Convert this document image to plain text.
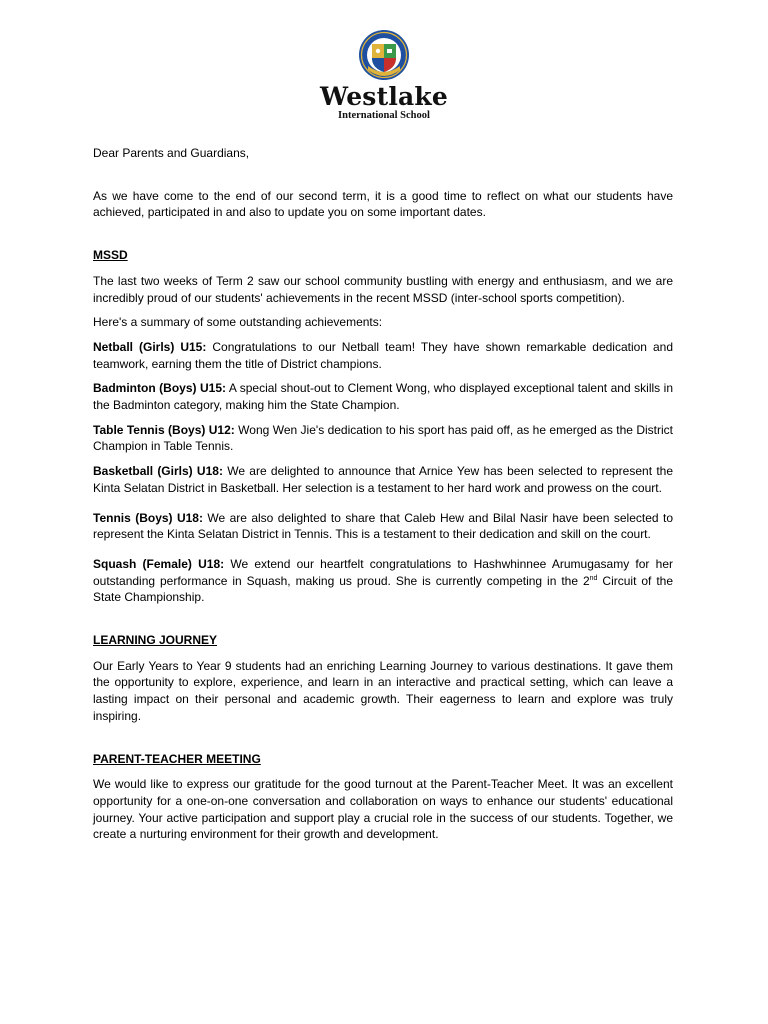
Westlake
International School

Dear Parents and Guardians,

As we have come to the end of our second term, it is a good time to reflect on what our students have achieved, participated in and also to update you on some important dates.

MSSD

The last two weeks of Term 2 saw our school community bustling with energy and enthusiasm, and we are incredibly proud of our students' achievements in the recent MSSD (inter-school sports competition).

Here's a summary of some outstanding achievements:

Netball (Girls) U15: Congratulations to our Netball team! They have shown remarkable dedication and teamwork, earning them the title of District champions.

Badminton (Boys) U15: A special shout-out to Clement Wong, who displayed exceptional talent and skills in the Badminton category, making him the State Champion.

Table Tennis (Boys) U12: Wong Wen Jie's dedication to his sport has paid off, as he emerged as the District Champion in Table Tennis.

Basketball (Girls) U18: We are delighted to announce that Arnice Yew has been selected to represent the Kinta Selatan District in Basketball. Her selection is a testament to her hard work and prowess on the court.

Tennis (Boys) U18: We are also delighted to share that Caleb Hew and Bilal Nasir have been selected to represent the Kinta Selatan District in Tennis. This is a testament to their dedication and skill on the court.

Squash (Female) U18: We extend our heartfelt congratulations to Hashwhinnee Arumugasamy for her outstanding performance in Squash, making us proud. She is currently competing in the 2nd Circuit of the State Championship.

LEARNING JOURNEY

Our Early Years to Year 9 students had an enriching Learning Journey to various destinations. It gave them the opportunity to explore, experience, and learn in an interactive and practical setting, which can leave a lasting impact on their personal and academic growth. Their eagerness to learn and explore was truly inspiring.

PARENT-TEACHER MEETING

We would like to express our gratitude for the good turnout at the Parent-Teacher Meet. It was an excellent opportunity for a one-on-one conversation and collaboration on ways to enhance our students' educational journey. Your active participation and support play a crucial role in the success of our students. Together, we create a nurturing environment for their growth and development.
